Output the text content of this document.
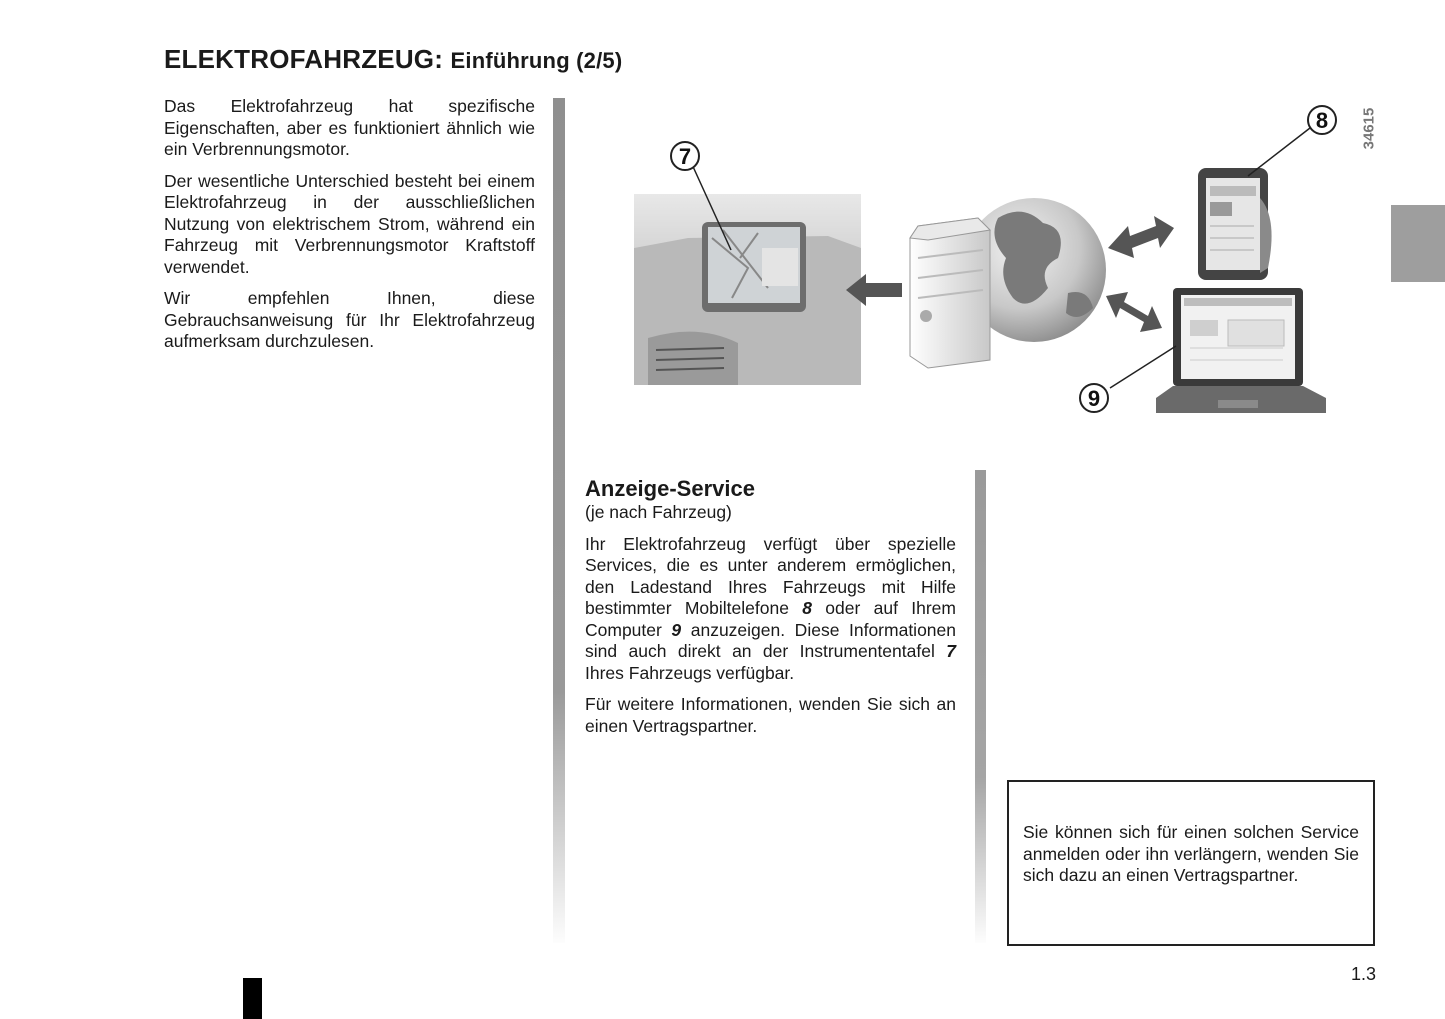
ELEKTROFAHRZEUG: Einführung (2/5)

Das Elektrofahrzeug hat spezifische Eigenschaften, aber es funktioniert ähnlich wie ein Verbrennungsmotor.

Der wesentliche Unterschied besteht bei einem Elektrofahrzeug in der ausschließlichen Nutzung von elektrischem Strom, während ein Fahrzeug mit Verbrennungsmotor Kraftstoff verwendet.

Wir empfehlen Ihnen, diese Gebrauchsanweisung für Ihr Elektrofahrzeug aufmerksam durchzulesen.

7
8
9
34615
Anzeige-Service

(je nach Fahrzeug)

Ihr Elektrofahrzeug verfügt über spezielle Services, die es unter anderem ermöglichen, den Ladestand Ihres Fahrzeugs mit Hilfe bestimmter Mobiltelefone 8 oder auf Ihrem Computer 9 anzuzeigen. Diese Informationen sind auch direkt an der Instrumententafel 7 Ihres Fahrzeugs verfügbar.

Für weitere Informationen, wenden Sie sich an einen Vertragspartner.

Sie können sich für einen solchen Service anmelden oder ihn verlängern, wenden Sie sich dazu an einen Vertragspartner.

1.3
